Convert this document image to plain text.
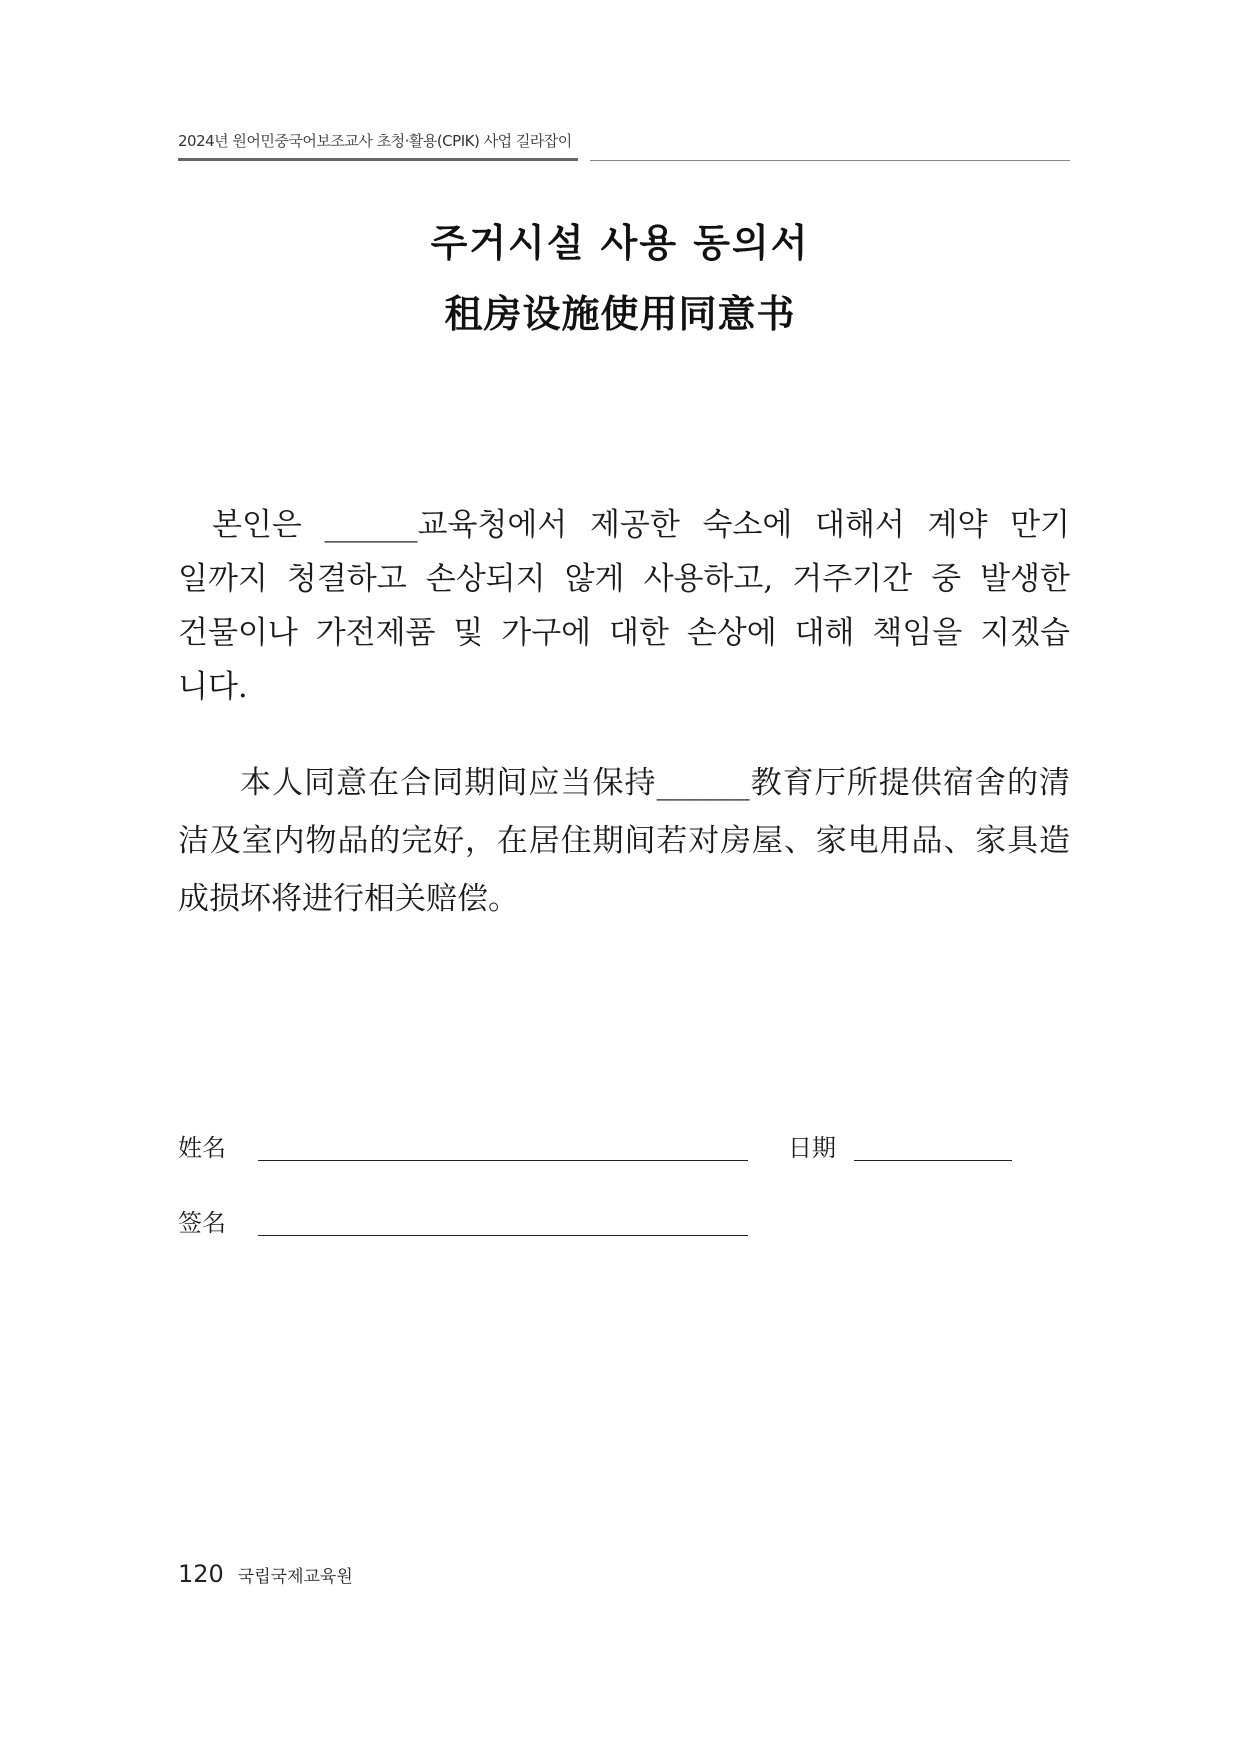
2024년 원어민중국어보조교사 초청·활용(CPIK) 사업 길라잡이
주거시설 사용 동의서
租房设施使用同意书

본인은 ______교육청에서 제공한 숙소에 대해서 계약 만기일까지 청결하고 손상되지 않게 사용하고, 거주기간 중 발생한 건물이나 가전제품 및 가구에 대한 손상에 대해 책임을 지겠습니다.

本人同意在合同期间应当保持______教育厅所提供宿舍的清洁及室内物品的完好，在居住期间若对房屋、家电用品、家具造成损坏将进行相关赔偿。

姓名	日期
签名
120 국립국제교육원
